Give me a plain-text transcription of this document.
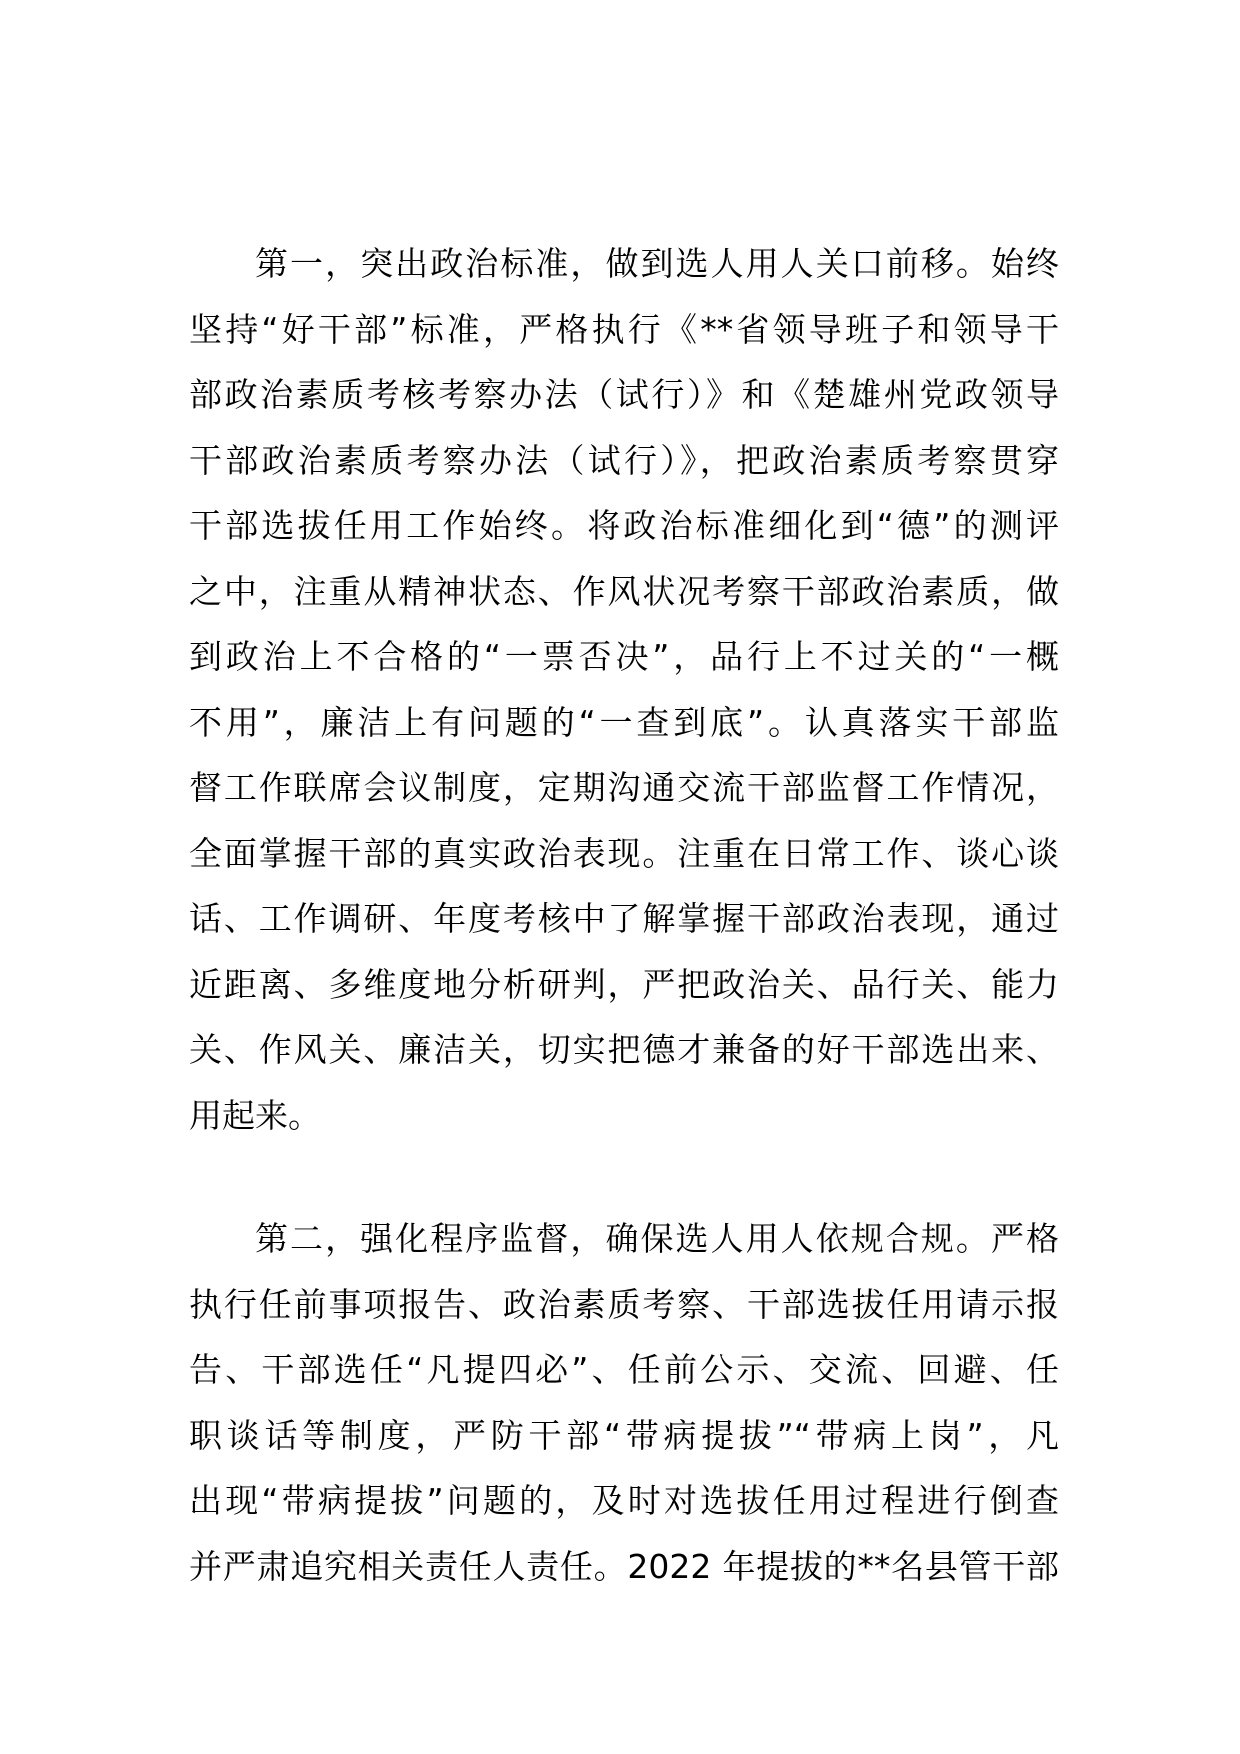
第一，突出政治标准，做到选人用人关口前移。始终
坚持“好干部”标准，严格执行《**省领导班子和领导干
部政治素质考核考察办法（试行）》和《楚雄州党政领导
干部政治素质考察办法（试行）》，把政治素质考察贯穿
干部选拔任用工作始终。将政治标准细化到“德”的测评
之中，注重从精神状态、作风状况考察干部政治素质，做
到政治上不合格的“一票否决”，品行上不过关的“一概
不用”，廉洁上有问题的“一查到底”。认真落实干部监
督工作联席会议制度，定期沟通交流干部监督工作情况，
全面掌握干部的真实政治表现。注重在日常工作、谈心谈
话、工作调研、年度考核中了解掌握干部政治表现，通过
近距离、多维度地分析研判，严把政治关、品行关、能力
关、作风关、廉洁关，切实把德才兼备的好干部选出来、
用起来。
第二，强化程序监督，确保选人用人依规合规。严格
执行任前事项报告、政治素质考察、干部选拔任用请示报
告、干部选任“凡提四必”、任前公示、交流、回避、任
职谈话等制度，严防干部“带病提拔”“带病上岗”，凡
出现“带病提拔”问题的，及时对选拔任用过程进行倒查
并严肃追究相关责任人责任。2022 年提拔的**名县管干部
